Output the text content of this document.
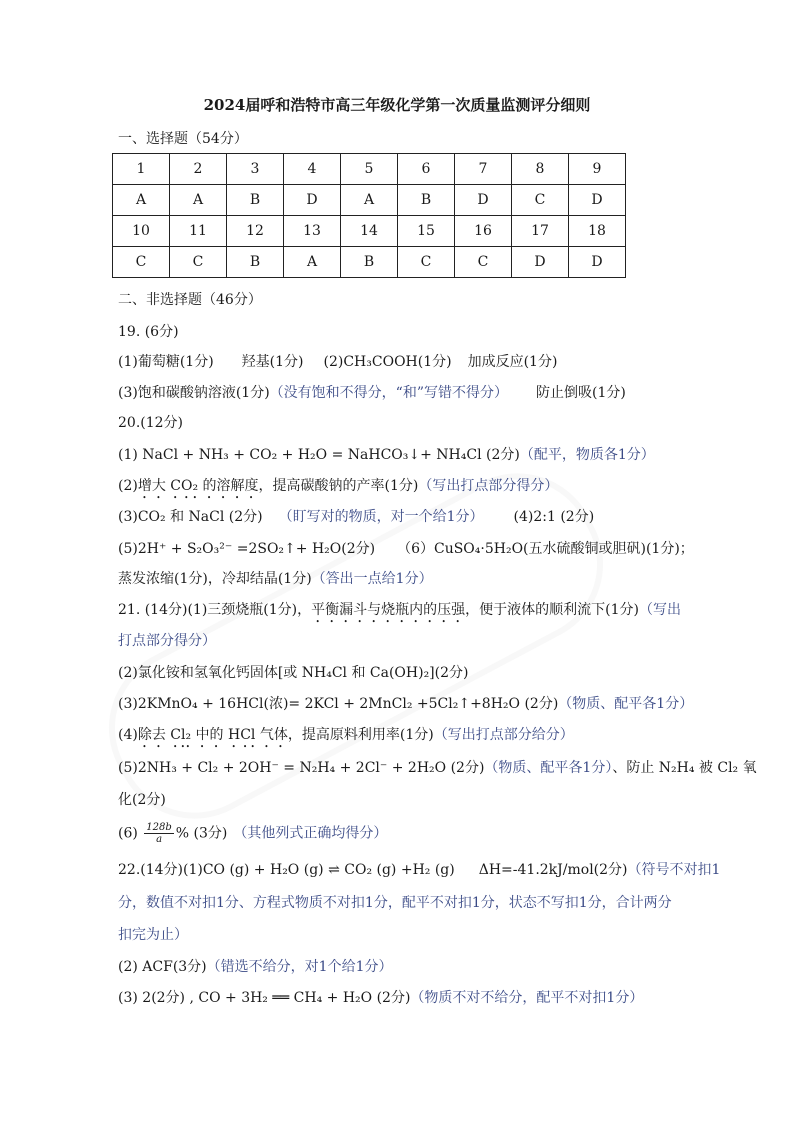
2024届呼和浩特市高三年级化学第一次质量监测评分细则
一、选择题（54分）
1	2	3	4	5	6	7	8	9
A	A	B	D	A	B	D	C	D
10	11	12	13	14	15	16	17	18
C	C	B	A	B	C	C	D	D
二、非选择题（46分）
19. (6分)
(1)葡萄糖(1分) 羟基(1分) (2)CH₃COOH(1分) 加成反应(1分)
(3)饱和碳酸钠溶液(1分)（没有饱和不得分，“和”写错不得分） 防止倒吸(1分)
20.(12分)
(1) NaCl + NH₃ + CO₂ + H₂O = NaHCO₃↓+ NH₄Cl (2分)（配平，物质各1分）
(2)增大 CO₂ 的溶解度，提高碳酸钠的产率(1分)（写出打点部分得分）
(3)CO₂ 和 NaCl (2分) （盯写对的物质，对一个给1分） (4)2:1 (2分)
(5)2H⁺ + S₂O₃²⁻ =2SO₂↑+ H₂O(2分) （6）CuSO₄·5H₂O(五水硫酸铜或胆矾)(1分)；
蒸发浓缩(1分)，冷却结晶(1分)（答出一点给1分）
21. (14分)(1)三颈烧瓶(1分)，平衡漏斗与烧瓶内的压强，便于液体的顺利流下(1分)（写出
打点部分得分）
(2)氯化铵和氢氧化钙固体[或 NH₄Cl 和 Ca(OH)₂](2分)
(3)2KMnO₄ + 16HCl(浓)= 2KCl + 2MnCl₂ +5Cl₂↑+8H₂O (2分)（物质、配平各1分）
(4)除去 Cl₂ 中的 HCl 气体，提高原料利用率(1分)（写出打点部分给分）
(5)2NH₃ + Cl₂ + 2OH⁻ = N₂H₄ + 2Cl⁻ + 2H₂O (2分)（物质、配平各1分）、防止 N₂H₄ 被 Cl₂ 氧
化(2分)
$(6) \frac{128b}{a}$ % (3分) （其他列式正确均得分）
22.(14分)(1)CO (g) + H₂O (g) ⇌ CO₂ (g) +H₂ (g) ΔH=-41.2kJ/mol(2分)（符号不对扣1
分，数值不对扣1分、方程式物质不对扣1分，配平不对扣1分，状态不写扣1分，合计两分
扣完为止）
(2) ACF(3分)（错选不给分，对1个给1分）
(3) 2(2分) , CO + 3H₂ ══ CH₄ + H₂O (2分)（物质不对不给分，配平不对扣1分）
